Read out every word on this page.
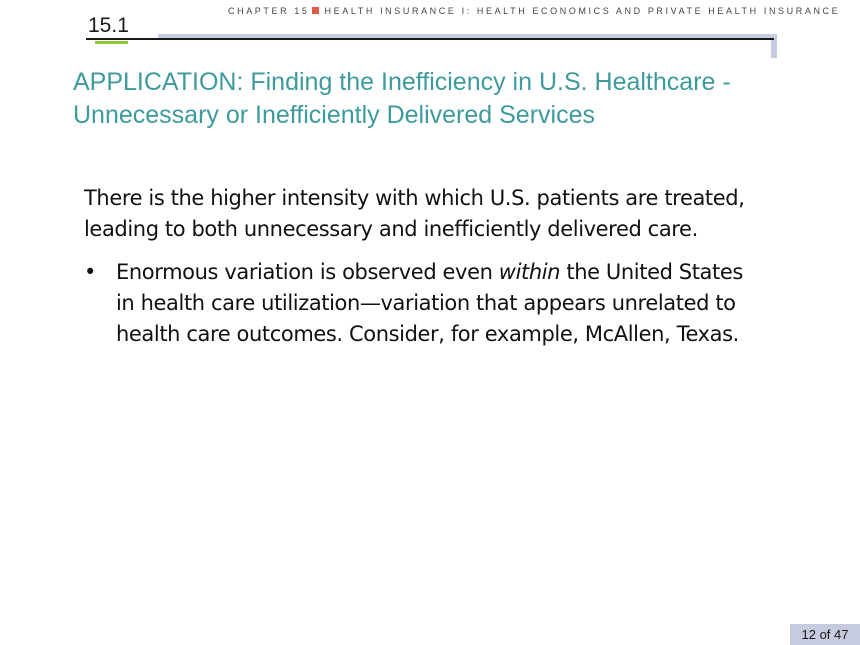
CHAPTER 15 HEALTH INSURANCE I: HEALTH ECONOMICS AND PRIVATE HEALTH INSURANCE
15.1
APPLICATION: Finding the Inefficiency in U.S. Healthcare - Unnecessary or Inefficiently Delivered Services

There is the higher intensity with which U.S. patients are treated, leading to both unnecessary and inefficiently delivered care.

• Enormous variation is observed even within the United States in health care utilization—variation that appears unrelated to health care outcomes. Consider, for example, McAllen, Texas.
12 of 47
